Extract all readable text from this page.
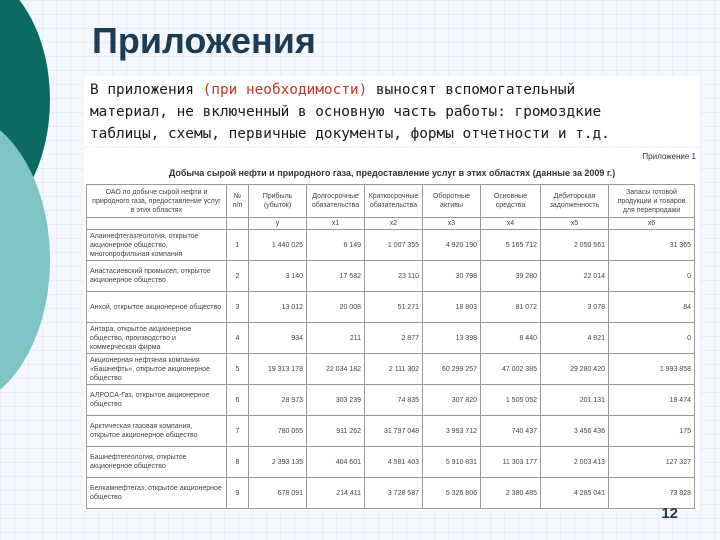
Приложения
В приложения (при необходимости) выносят вспомогательный
материал, не включенный в основную часть работы: громоздкие
таблицы, схемы, первичные документы, формы отчетности и т.д.
Приложение 1
Добыча сырой нефти и природного газа, предоставление услуг в этих областях (данные за 2009 г.)
ОАО по добыче сырой нефти и природного газа, предоставление услуг в этих областях	№ п/п	Прибыль (убыток)	Долгосрочные обязательства	Краткосрочные обязательства	Оборотные активы	Основные средства	Дебиторская задолженность	Запасы готовой продукции и товаров для перепродажи
		y	x1	x2	x3	x4	x5	x6
Алаинефтегазгеология, открытое акционерное общество, многопрофильная компания	1	1 440 025	6 149	1 007 355	4 920 190	5 165 712	2 050 561	31 365
Анастасиевский промысел, открытое акционерное общество	2	3 140	17 582	23 110	30 798	39 280	22 014	0
Анхой, открытое акционерное общество	3	13 012	20 008	51 271	18 803	81 072	3 078	84
Антара, открытое акционерное общество, производство и коммерческая фирма	4	934	211	2 877	13 398	8 440	4 821	0
Акционерная нефтяная компания «Башнефть», открытое акционерное общество	5	19 313 178	22 034 182	2 111 302	60 299 257	47 002 385	29 280 420	1 993 858
АЛРОСА-Газ, открытое акционерное общество	6	28 973	303 239	74 835	307 820	1 505 052	201 131	19 474
Арктическая газовая компания, открытое акционерное общество	7	780 055	911 262	31 797 048	3 993 712	740 437	3 456 436	175
Башнефтегеология, открытое акционерное общество	8	2 393 135	404 601	4 581 403	5 910 831	11 303 177	2 003 413	127 327
Белкамнефтегаз, открытое акционерное общество	9	678 091	214 411	3 728 587	5 326 806	2 380 485	4 285 041	73 828
12
